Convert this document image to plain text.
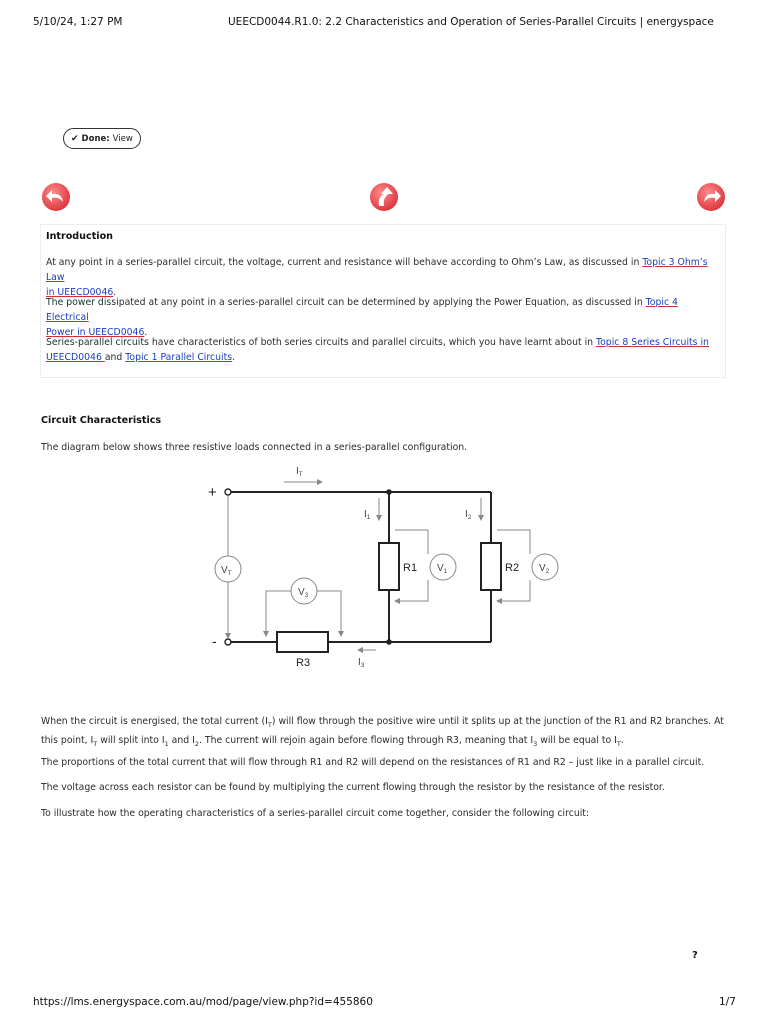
5/10/24, 1:27 PM	UEECD0044.R1.0: 2.2 Characteristics and Operation of Series-Parallel Circuits | energyspace
✔ Done: View
Introduction
At any point in a series-parallel circuit, the voltage, current and resistance will behave according to Ohm’s Law, as discussed in Topic 3 Ohm’s Law
in UEECD0046.
The power dissipated at any point in a series-parallel circuit can be determined by applying the Power Equation, as discussed in Topic 4 Electrical
Power in UEECD0046.
Series-parallel circuits have characteristics of both series circuits and parallel circuits, which you have learnt about in Topic 8 Series Circuits in
UEECD0046 and Topic 1 Parallel Circuits.
Circuit Characteristics
The diagram below shows three resistive loads connected in a series-parallel configuration.
+
-
R1	R2
R3
$V_T$	$V_1$	$V_2$
$V_3$
$I_T$
$I_1$	$I_2$
$I_3$
When the circuit is energised, the total current $(I_T)$ will flow through the positive wire until it splits up at the junction of the R1 and R2 branches. At
this point, $I_T$ will split into $I_1$ and $I_2$. The current will rejoin again before flowing through R3, meaning that $I_3$ will be equal to $I_T$.
The proportions of the total current that will flow through R1 and R2 will depend on the resistances of R1 and R2 – just like in a parallel circuit.
The voltage across each resistor can be found by multiplying the current flowing through the resistor by the resistance of the resistor.
To illustrate how the operating characteristics of a series-parallel circuit come together, consider the following circuit:
?
https://lms.energyspace.com.au/mod/page/view.php?id=455860	1/7
